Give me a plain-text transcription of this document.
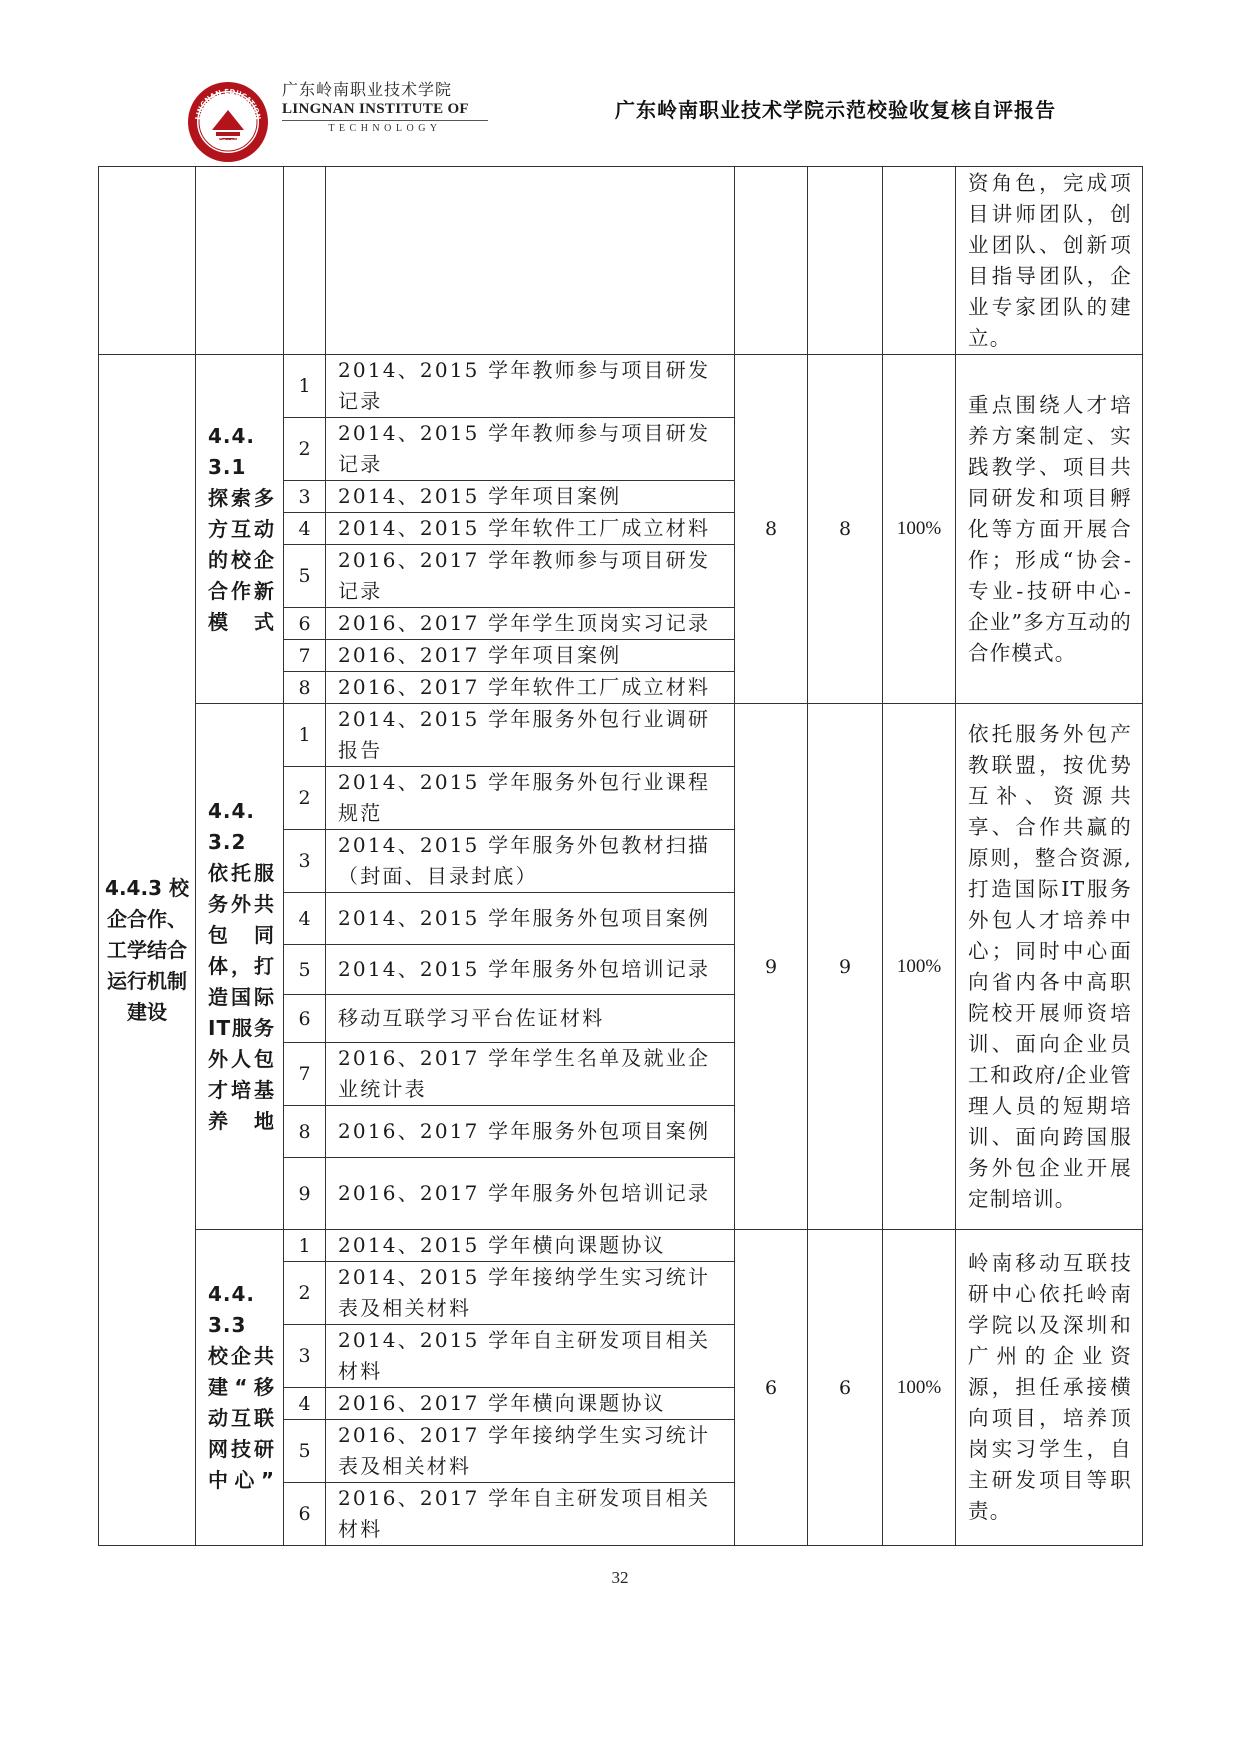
LINGNAN EDUCATION
EST.1993
广东岭南职业技术学院
LINGNAN INSTITUTE OF
TECHNOLOGY
广东岭南职业技术学院示范校验收复核自评报告
							资角色，完成项目讲师团队，创业团队、创新项目指导团队，企业专家团队的建立。
4.4.3 校企合作、工学结合运行机制建设	4.4.3.1 探索多方互动的校企合作新模式	1	2014、2015 学年教师参与项目研发记录	8	8	100%	重点围绕人才培养方案制定、实践教学、项目共同研发和项目孵化等方面开展合作；形成“协会-专业-技研中心-企业”多方互动的合作模式。
		2	2014、2015 学年教师参与项目研发记录				
		3	2014、2015 学年项目案例				
		4	2014、2015 学年软件工厂成立材料				
		5	2016、2017 学年教师参与项目研发记录				
		6	2016、2017 学年学生顶岗实习记录				
		7	2016、2017 学年项目案例				
		8	2016、2017 学年软件工厂成立材料				
	4.4.3.2 依托服务外共包同体，打造国际IT服务外人包才培基养地	1	2014、2015 学年服务外包行业调研报告	9	9	100%	依托服务外包产教联盟，按优势互补、资源共享、合作共赢的原则，整合资源,打造国际IT服务外包人才培养中心；同时中心面向省内各中高职院校开展师资培训、面向企业员工和政府/企业管理人员的短期培训、面向跨国服务外包企业开展定制培训。
		2	2014、2015 学年服务外包行业课程规范				
		3	2014、2015 学年服务外包教材扫描（封面、目录封底）				
		4	2014、2015 学年服务外包项目案例				
		5	2014、2015 学年服务外包培训记录				
		6	移动互联学习平台佐证材料				
		7	2016、2017 学年学生名单及就业企业统计表				
		8	2016、2017 学年服务外包项目案例				
		9	2016、2017 学年服务外包培训记录				
	4.4.3.3 校企共建“移动互联网技研中心”	1	2014、2015 学年横向课题协议	6	6	100%	岭南移动互联技研中心依托岭南学院以及深圳和广州的企业资源，担任承接横向项目，培养顶岗实习学生，自主研发项目等职责。
		2	2014、2015 学年接纳学生实习统计表及相关材料				
		3	2014、2015 学年自主研发项目相关材料				
		4	2016、2017 学年横向课题协议				
		5	2016、2017 学年接纳学生实习统计表及相关材料				
		6	2016、2017 学年自主研发项目相关材料				
32
